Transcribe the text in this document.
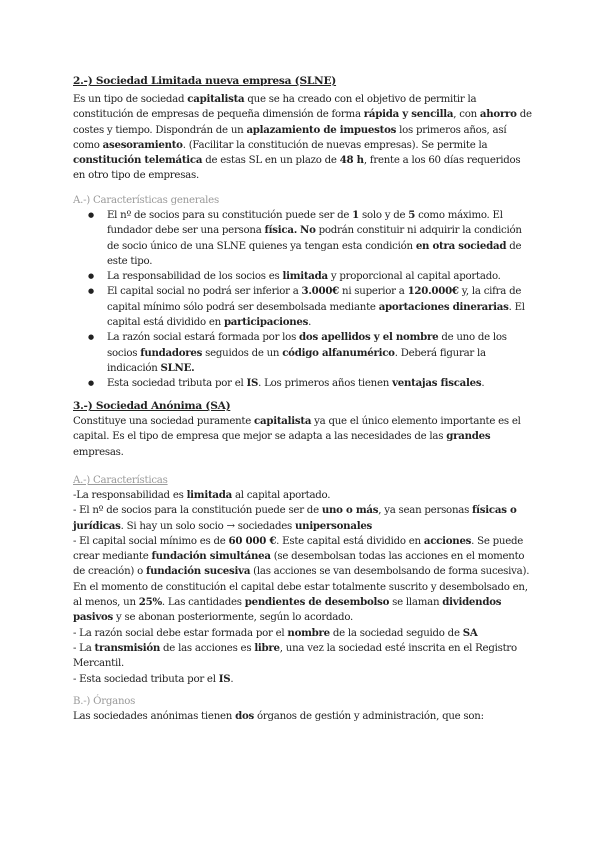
2.-) Sociedad Limitada nueva empresa (SLNE)
Es un tipo de sociedad capitalista que se ha creado con el objetivo de permitir la constitución de empresas de pequeña dimensión de forma rápida y sencilla, con ahorro de costes y tiempo. Dispondrán de un aplazamiento de impuestos los primeros años, así como asesoramiento. (Facilitar la constitución de nuevas empresas). Se permite la constitución telemática de estas SL en un plazo de 48 h, frente a los 60 días requeridos en otro tipo de empresas.
A.-) Características generales
● El nº de socios para su constitución puede ser de 1 solo y de 5 como máximo. El fundador debe ser una persona física. No podrán constituir ni adquirir la condición de socio único de una SLNE quienes ya tengan esta condición en otra sociedad de este tipo.
● La responsabilidad de los socios es limitada y proporcional al capital aportado.
● El capital social no podrá ser inferior a 3.000€ ni superior a 120.000€ y, la cifra de capital mínimo sólo podrá ser desembolsada mediante aportaciones dinerarias. El capital está dividido en participaciones.
● La razón social estará formada por los dos apellidos y el nombre de uno de los socios fundadores seguidos de un código alfanumérico. Deberá figurar la indicación SLNE.
● Esta sociedad tributa por el IS. Los primeros años tienen ventajas fiscales.
3.-) Sociedad Anónima (SA)
Constituye una sociedad puramente capitalista ya que el único elemento importante es el capital. Es el tipo de empresa que mejor se adapta a las necesidades de las grandes empresas.
A.-) Características
-La responsabilidad es limitada al capital aportado.
- El nº de socios para la constitución puede ser de uno o más, ya sean personas físicas o jurídicas. Si hay un solo socio → sociedades unipersonales
- El capital social mínimo es de 60 000 €. Este capital está dividido en acciones. Se puede crear mediante fundación simultánea (se desembolsan todas las acciones en el momento de creación) o fundación sucesiva (las acciones se van desembolsando de forma sucesiva). En el momento de constitución el capital debe estar totalmente suscrito y desembolsado en, al menos, un 25%. Las cantidades pendientes de desembolso se llaman dividendos pasivos y se abonan posteriormente, según lo acordado.
- La razón social debe estar formada por el nombre de la sociedad seguido de SA
- La transmisión de las acciones es libre, una vez la sociedad esté inscrita en el Registro Mercantil.
- Esta sociedad tributa por el IS.
B.-) Órganos
Las sociedades anónimas tienen dos órganos de gestión y administración, que son:
